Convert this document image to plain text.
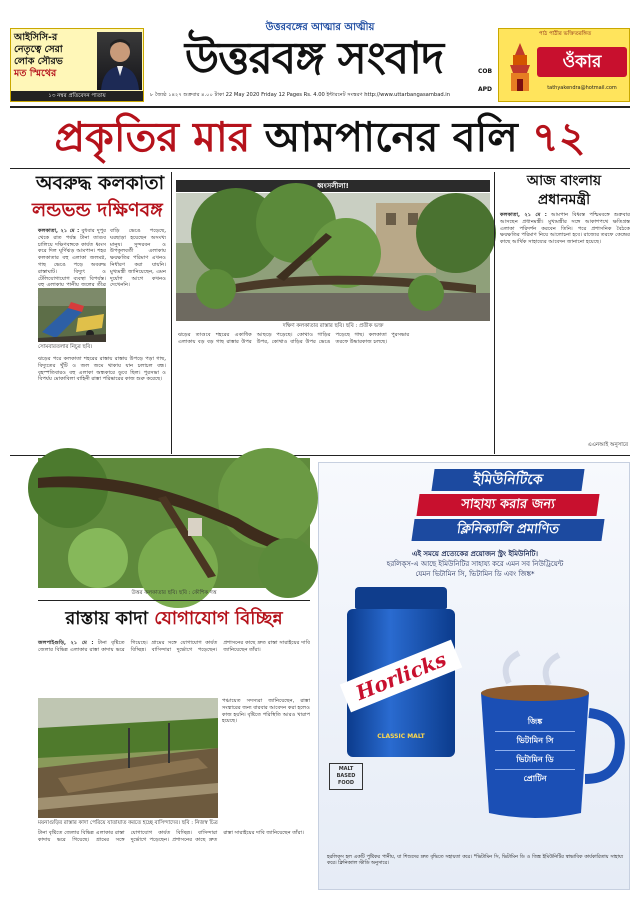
আইসিসি-র
নেতৃত্বে সেরা
লোক সৌরভ
মত স্মিথের
১৩ নম্বর প্রতিবেদন পাতায়
উত্তরবঙ্গের আত্মার আত্মীয়
উত্তরবঙ্গ সংবাদ	COB
APD
পাঠ পাঠীর ভক্তিতরঙ্গিত
ওঁকার
tathyakendra@hotmail.com
৮ জ্যৈষ্ঠ ১৪২৭ শুক্রবার ৪.০০ টাকা 22 May 2020 Friday 12 Pages Rs. 4.00 ইন্টারনেট সংস্করণ http://www.uttarbangasambad.in
প্রকৃতির মার আমপানের বলি ৭২
অবরুদ্ধ কলকাতা
লন্ডভন্ড দক্ষিণবঙ্গ
কলকাতা, ২১ মে : বুধবার দুপুর থেকে রাত পর্যন্ত টানা তাণ্ডব চালিয়ে দক্ষিণবঙ্গকে কার্যত ধ্বংস করে দিল ঘূর্ণিঝড় আমপান। শহর কলকাতার বহু এলাকা জলমগ্ন, গাছ ভেঙে পড়ে অবরুদ্ধ রাস্তাঘাট। বিদ্যুৎ ও টেলিযোগাযোগ ব্যবস্থা বিপর্যস্ত। বহু এলাকায় পানীয় জলের তীব্র
সোমবারতলার নিচুর ছবি।
বাড়ি ভেঙে পড়েছে, ঘরছাড়া হয়েছেন অসংখ্য মানুষ। সুন্দরবন ও উপকূলবর্তী এলাকায় ক্ষয়ক্ষতির পরিমাণ এখনও নির্ধারণ করা যায়নি। মুখ্যমন্ত্রী জানিয়েছেন, এমন দুর্যোগ আগে কখনও দেখেননি।
ঝড়ের পরে কলকাতা শহরের রাস্তায় রাস্তায় উপড়ে পড়া গাছ, বিদ্যুতের খুঁটি ও জল জমে থাকায় যান চলাচল বন্ধ। বৃহস্পতিবারও বহু এলাকা অন্ধকারে ডুবে ছিল। পুরসভা ও বিপর্যয় মোকাবিলা বাহিনী রাস্তা পরিষ্কারের কাজ শুরু করেছে।
ধ্বংসলীলা!
দক্ষিণ কলকাতার রাস্তার ছবি। ছবি : প্রতীক ভক্ত
ঝড়ের তাণ্ডবে শহরের একাধিক এলাকায় বড় বড় গাছ রাস্তার উপর আছড়ে পড়েছে। কোথাও গাড়ির উপর, কোথাও বাড়ির উপর ভেঙে পড়েছে গাছ। কলকাতা পুরসভার তরফে উদ্ধারকাজ চলছে।
আজ বাংলায়
প্রধানমন্ত্রী
কলকাতা, ২১ মে : আমপান বিধ্বস্ত পশ্চিমবঙ্গে শুক্রবার আসছেন প্রধানমন্ত্রী। মুখ্যমন্ত্রীর সঙ্গে আকাশপথে ক্ষতিগ্রস্ত এলাকা পরিদর্শন করবেন তিনি। পরে প্রশাসনিক বৈঠকে ক্ষয়ক্ষতির পরিমাণ নিয়ে আলোচনা হবে। রাজ্যের তরফে কেন্দ্রের কাছে আর্থিক সাহায্যের আবেদন জানানো হয়েছে।
এএনআই অনুসারে
উত্তর কলকাতার ছবি। ছবি : কৌশিক দত্ত
রাস্তায় কাদা যোগাযোগ বিচ্ছিন্ন
জলপাইগুড়ি, ২১ মে : টানা বৃষ্টিতে জেলার বিভিন্ন এলাকার রাস্তা কাদায় ভরে গিয়েছে। গ্রামের সঙ্গে যোগাযোগ কার্যত বিচ্ছিন্ন। বাসিন্দারা দুর্ভোগে পড়েছেন। প্রশাসনের কাছে দ্রুত রাস্তা সারাইয়ের দাবি জানিয়েছেন তাঁরা।
পঞ্চায়েত সদস্যরা জানিয়েছেন, রাস্তা সংস্কারের জন্য বারবার আবেদন করা হলেও কাজ হয়নি। বৃষ্টিতে পরিস্থিতি আরও খারাপ হয়েছে।
ময়নাগুড়ির রাস্তার কাদা পেরিয়ে যাতায়াত করতে হচ্ছে বাসিন্দাদের। ছবি : নিজস্ব চিত্র
টানা বৃষ্টিতে জেলার বিভিন্ন এলাকার রাস্তা কাদায় ভরে গিয়েছে। গ্রামের সঙ্গে যোগাযোগ কার্যত বিচ্ছিন্ন। বাসিন্দারা দুর্ভোগে পড়েছেন। প্রশাসনের কাছে দ্রুত রাস্তা সারাইয়ের দাবি জানিয়েছেন তাঁরা।
ইমিউনিটিকে
সাহায্য করার জন্য
ক্লিনিক্যালি প্রমাণিত
এই সময়ে প্রত্যেকের প্রয়োজন স্ট্রং ইমিউনিটি।
হরলিক্‌স-এ আছে ইমিউনিটির সাহায্য করে এমন সব নিউট্রিয়েন্ট
যেমন ভিটামিন সি, ভিটামিন ডি এবং জিঙ্ক*
Horlicks
CLASSIC MALT
MALT BASED FOOD
জিঙ্ক
ভিটামিন সি
ভিটামিন ডি
প্রোটিন
হরলিক্‌স হল একটি পুষ্টিকর পানীয়, যা শিশুদের দ্রুত বৃদ্ধিতে সহায়তা করে। *ভিটামিন সি, ভিটামিন ডি ও জিঙ্ক ইমিউনিটির স্বাভাবিক কার্যকারিতায় সাহায্য করে। ক্লিনিক্যাল স্টাডি অনুসারে।
